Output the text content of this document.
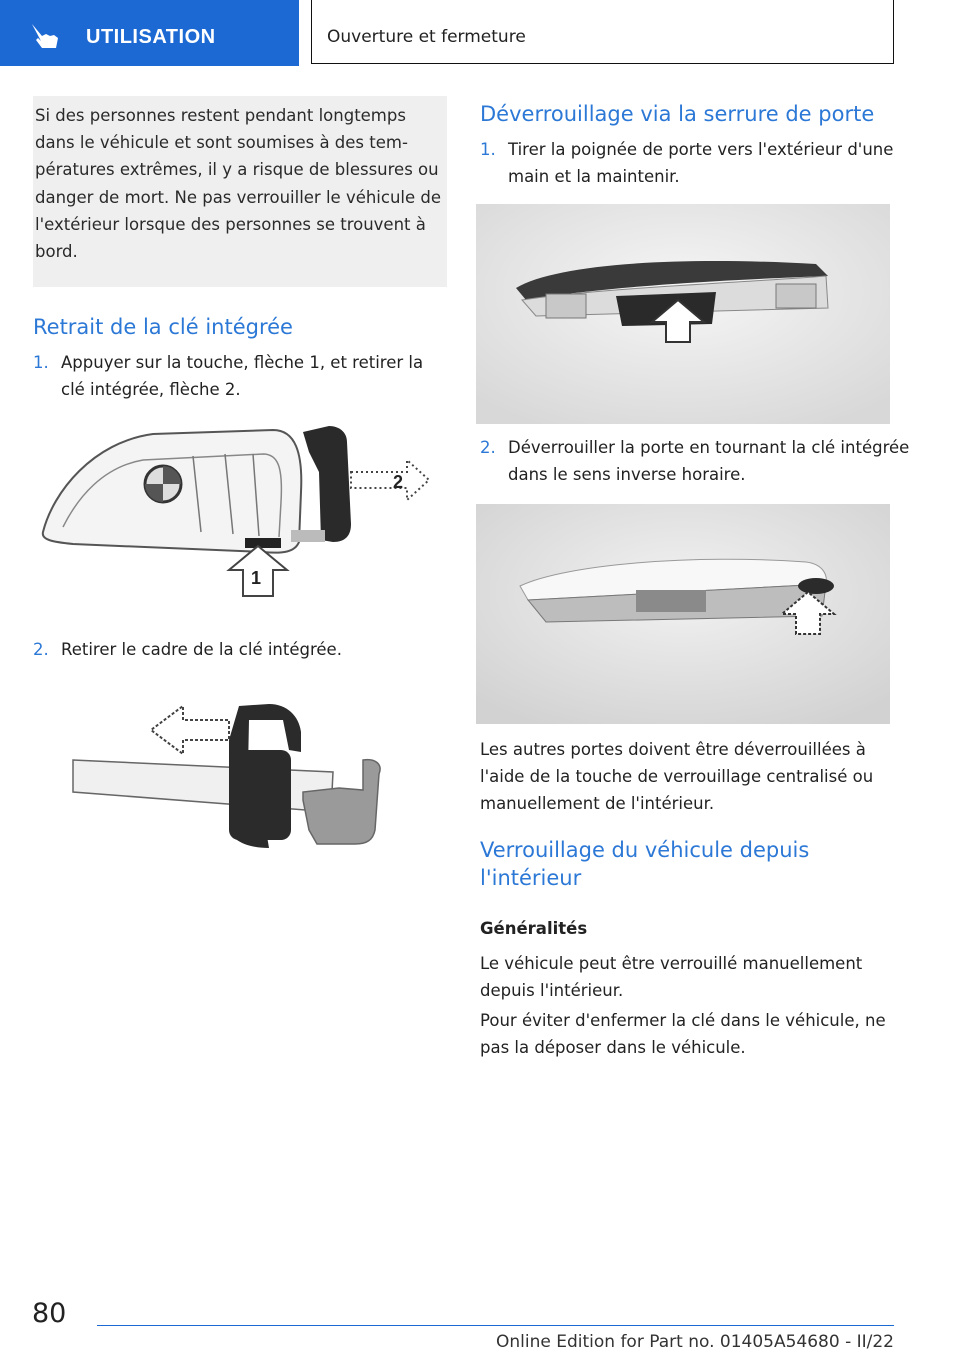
UTILISATION	Ouverture et fermeture

Si des personnes restent pendant longtemps dans le véhicule et sont soumises à des températures extrêmes, il y a risque de blessures ou danger de mort. Ne pas verrouiller le véhicule de l'extérieur lorsque des personnes se trouvent à bord.

Retrait de la clé intégrée
1. Appuyer sur la touche, flèche 1, et retirer la clé intégrée, flèche 2.
2
1
2. Retirer le cadre de la clé intégrée.
Déverrouillage via la serrure de porte
1. Tirer la poignée de porte vers l'extérieur d'une main et la maintenir.
2. Déverrouiller la porte en tournant la clé intégrée dans le sens inverse horaire.

Les autres portes doivent être déverrouillées à l'aide de la touche de verrouillage centralisé ou manuellement de l'intérieur.

Verrouillage du véhicule depuis l'intérieur
Généralités

Le véhicule peut être verrouillé manuellement depuis l'intérieur.

Pour éviter d'enfermer la clé dans le véhicule, ne pas la déposer dans le véhicule.

80
Online Edition for Part no. 01405A54680 - II/22
